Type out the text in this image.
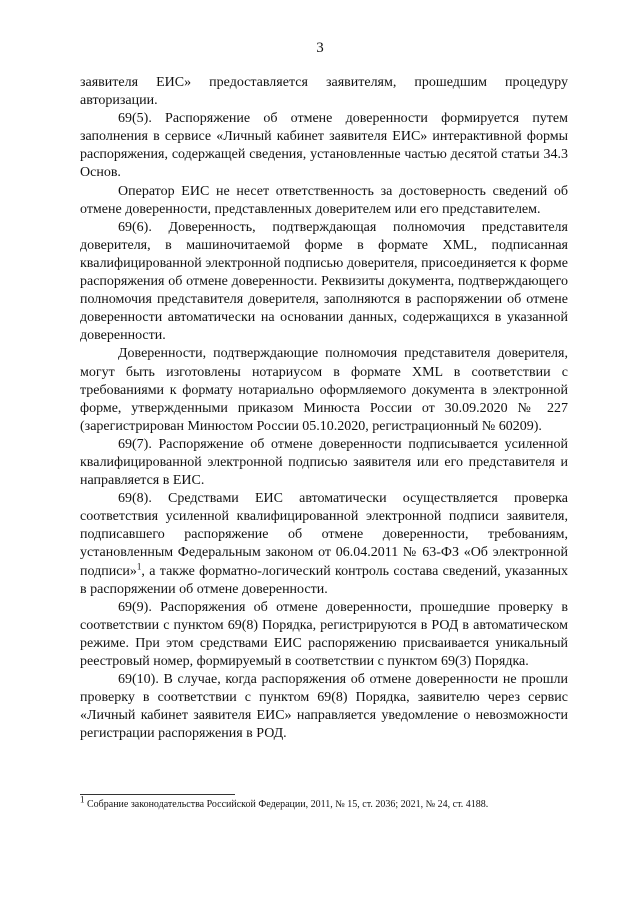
3

заявителя ЕИС» предоставляется заявителям, прошедшим процедуру авторизации.

69(5). Распоряжение об отмене доверенности формируется путем заполнения в сервисе «Личный кабинет заявителя ЕИС» интерактивной формы распоряжения, содержащей сведения, установленные частью десятой статьи 34.3 Основ.

Оператор ЕИС не несет ответственность за достоверность сведений об отмене доверенности, представленных доверителем или его представителем.

69(6). Доверенность, подтверждающая полномочия представителя доверителя, в машиночитаемой форме в формате XML, подписанная квалифицированной электронной подписью доверителя, присоединяется к форме распоряжения об отмене доверенности. Реквизиты документа, подтверждающего полномочия представителя доверителя, заполняются в распоряжении об отмене доверенности автоматически на основании данных, содержащихся в указанной доверенности.

Доверенности, подтверждающие полномочия представителя доверителя, могут быть изготовлены нотариусом в формате XML в соответствии с требованиями к формату нотариально оформляемого документа в электронной форме, утвержденными приказом Минюста России от 30.09.2020 № 227 (зарегистрирован Минюстом России 05.10.2020, регистрационный № 60209).

69(7). Распоряжение об отмене доверенности подписывается усиленной квалифицированной электронной подписью заявителя или его представителя и направляется в ЕИС.

69(8). Средствами ЕИС автоматически осуществляется проверка соответствия усиленной квалифицированной электронной подписи заявителя, подписавшего распоряжение об отмене доверенности, требованиям, установленным Федеральным законом от 06.04.2011 № 63-ФЗ «Об электронной подписи»$^1$, а также форматно-логический контроль состава сведений, указанных в распоряжении об отмене доверенности.

69(9). Распоряжения об отмене доверенности, прошедшие проверку в соответствии с пунктом 69(8) Порядка, регистрируются в РОД в автоматическом режиме. При этом средствами ЕИС распоряжению присваивается уникальный реестровый номер, формируемый в соответствии с пунктом 69(3) Порядка.

69(10). В случае, когда распоряжения об отмене доверенности не прошли проверку в соответствии с пунктом 69(8) Порядка, заявителю через сервис «Личный кабинет заявителя ЕИС» направляется уведомление о невозможности регистрации распоряжения в РОД.

$^1$ Собрание законодательства Российской Федерации, 2011, № 15, ст. 2036; 2021, № 24, ст. 4188.
